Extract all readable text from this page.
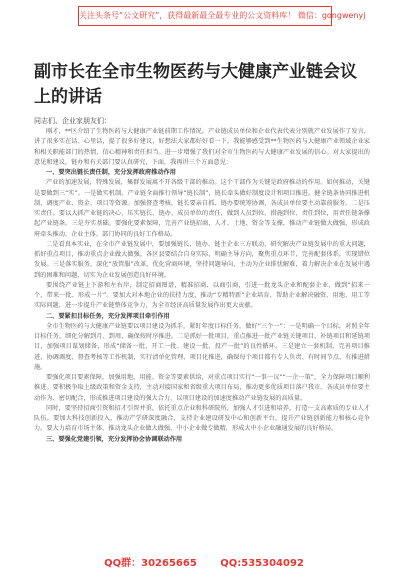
关注头条号“公文研究”，获得最新最全最专业的公文资料库！ 微信：gongwenyj
副市长在全市生物医药与大健康产业链会议上的讲话
同志们、企业家朋友们：

刚才，**区介绍了生物医药与大健康产业链前期工作情况。产业链成员单位和企业代表代表分别就产业发展作了发言，讲了很多实在话、心里话，提了很多好建议，好想法大家都好好看一下。我能够感受到**生物医药与大健康产业领域企业家和相关职能部门的热情，信心精神和责任担当。进一步增强了我们对全市生物医药与大健康产业发展的信心。对大家提出的意见和建议，链办和有关部门要认真研究，下面，我再讲三个方面意见：

一、要突出链长责任制，充分发挥政府推动作用

产业的加速发展，特殊发展，集群发展离不开各级干部的推动。这个干部作为关键是政府推动的作用。如何推动，关键是要做到三“实”。一是做实机制。产业链全面推行领导“链长制”，链长牵头做好制度设计和项目推进。健全链条协同推进机制，调度产业、资金、项目等资源。加强督查考核，链长要亲自抓、链办要统筹协调，各成员单位要主动靠前服务。二是压实责任。要以大抓产业链的决心，压实链长、链办、成员单位的责任，做到人员到位、措施到位、责任到位，用责任链条撑起产业链条。三是夯实基础。要强化要素保障，完善产业链招商、人才、土地、资金等支撑，推动产业链做大做强，形成政府牵头推动、企业主体、部门协同的良好工作格局。

二是看真本实业，在全市产业链发展中，要加强链长、链办、链主企业三方联动，研究解决产业链发展中的重大问题，抓好重点项目，推动重点企业做大做强。各区县要结合自身实际，明确主导方向，聚焦重点环节，完善配套体系，实现错位发展。三是落实服务，深化“放管服”改革，优化营商环境，坚持问题导向，主动为企业排忧解难，着力解决企业在发展中遇到的困难和问题，切实为企业发展创造良好环境。

要围绕产业链上下游和左右岸，制定招商图谱，精准招商、以商引商，引进一批龙头企业和配套企业，做到“招来一个、带来一批、形成一片”。要加大对本地企业的扶持力度，推动“专精特新”企业培育，帮助企业解决融资、用地、用工等实际问题，进一步提升产业链整体竞争力，为全市经济高质量发展作出更大贡献。

二、要紧扣目标任务，充分发挥项目牵引作用

全市生物医药与大健康产业链要以项目建设为抓手，紧盯年度目标任务，做好“三个一”：一是明确一个目标，对照全年目标任务，细化分解到月、到周，确保按时序推进。二是抓好一批项目，重点推进一批产业链关键项目、补链项目和延链项目，加强项目谋划储备，形成“储备一批、开工一批、建设一批、投产一批”的良性循环。三是建立一套机制，完善项目推进、协调调度、督查考核等工作机制，实行清单化管理、项目化推进，确保每个项目都有专人负责、有时间节点、有推进措施。

要强化项目要素保障，加强用地、用能、资金等要素供给，对重点项目实行“一事一议”“一企一策”，全力保障项目顺利推进。要积极争取上级政策和资金支持，主动对接国家和省级重大项目布局，推动更多优质项目落户我市。各成员单位要主动作为、密切配合，形成推进项目建设的强大合力，以项目建设的加速度推动产业链发展的高质量。

同时，要坚持招商引资和招才引智并重，依托重点企业和科研院所，加强人才引进和培养，打造一支高素质的专业人才队伍。要加大科技创新投入，推动产学研深度融合，支持企业建设研发中心和创新平台，提升产业链创新能力和核心竞争力。要大力培育市场主体，推动龙头企业做大做强，中小企业做专做精，形成大中小企业融通发展的良好格局。

三、要强化党建引领，充分发挥协会协调联动作用

QQ群：30265665 QQ:535304092
